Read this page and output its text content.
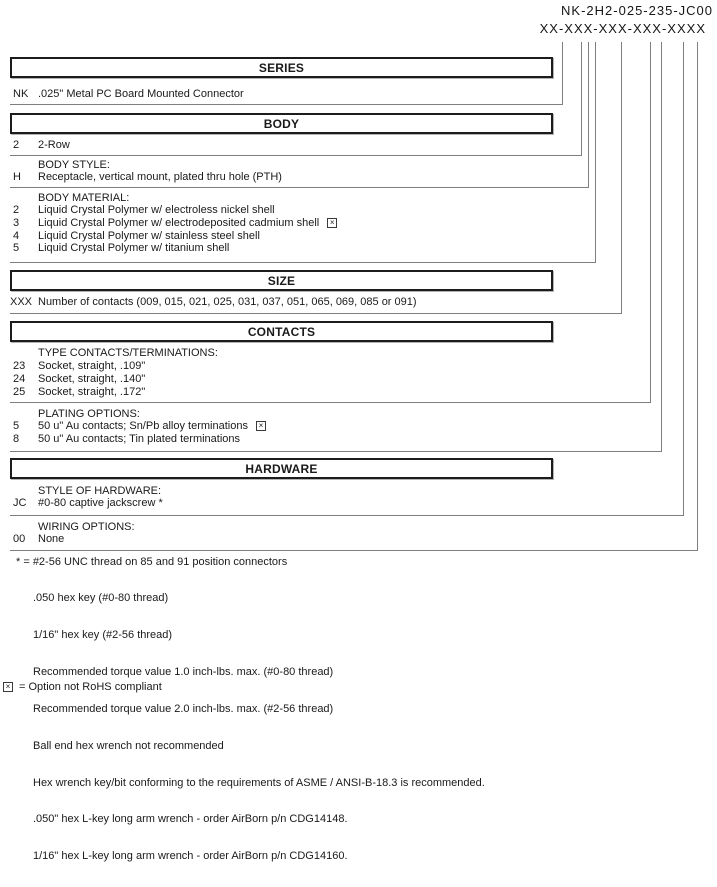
NK-2H2-025-235-JC00
XX-XXX-XXX-XXX-XXXX
SERIES
NK .025" Metal PC Board Mounted Connector
BODY
2	2-Row
BODY STYLE:
H	Receptacle, vertical mount, plated thru hole (PTH)
BODY MATERIAL:
2	Liquid Crystal Polymer w/ electroless nickel shell
3	Liquid Crystal Polymer w/ electrodeposited cadmium shell	×
4	Liquid Crystal Polymer w/ stainless steel shell
5	Liquid Crystal Polymer w/ titanium shell
SIZE
XXX Number of contacts (009, 015, 021, 025, 031, 037, 051, 065, 069, 085 or 091)
CONTACTS
TYPE CONTACTS/TERMINATIONS:
23	Socket, straight, .109"
24	Socket, straight, .140"
25	Socket, straight, .172"
PLATING OPTIONS:
5	50 u" Au contacts; Sn/Pb alloy terminations	×
8	50 u" Au contacts; Tin plated terminations
HARDWARE
STYLE OF HARDWARE:
JC	#0-80 captive jackscrew *
WIRING OPTIONS:
00	None
* = #2-56 UNC thread on 85 and 91 position connectors

.050 hex key (#0-80 thread)

1/16" hex key (#2-56 thread)

Recommended torque value 1.0 inch-lbs. max. (#0-80 thread)

Recommended torque value 2.0 inch-lbs. max. (#2-56 thread)

Ball end hex wrench not recommended

Hex wrench key/bit conforming to the requirements of ASME / ANSI-B-18.3 is recommended.

.050" hex L-key long arm wrench - order AirBorn p/n CDG14148.

1/16" hex L-key long arm wrench - order AirBorn p/n CDG14160.

× = Option not RoHS compliant
